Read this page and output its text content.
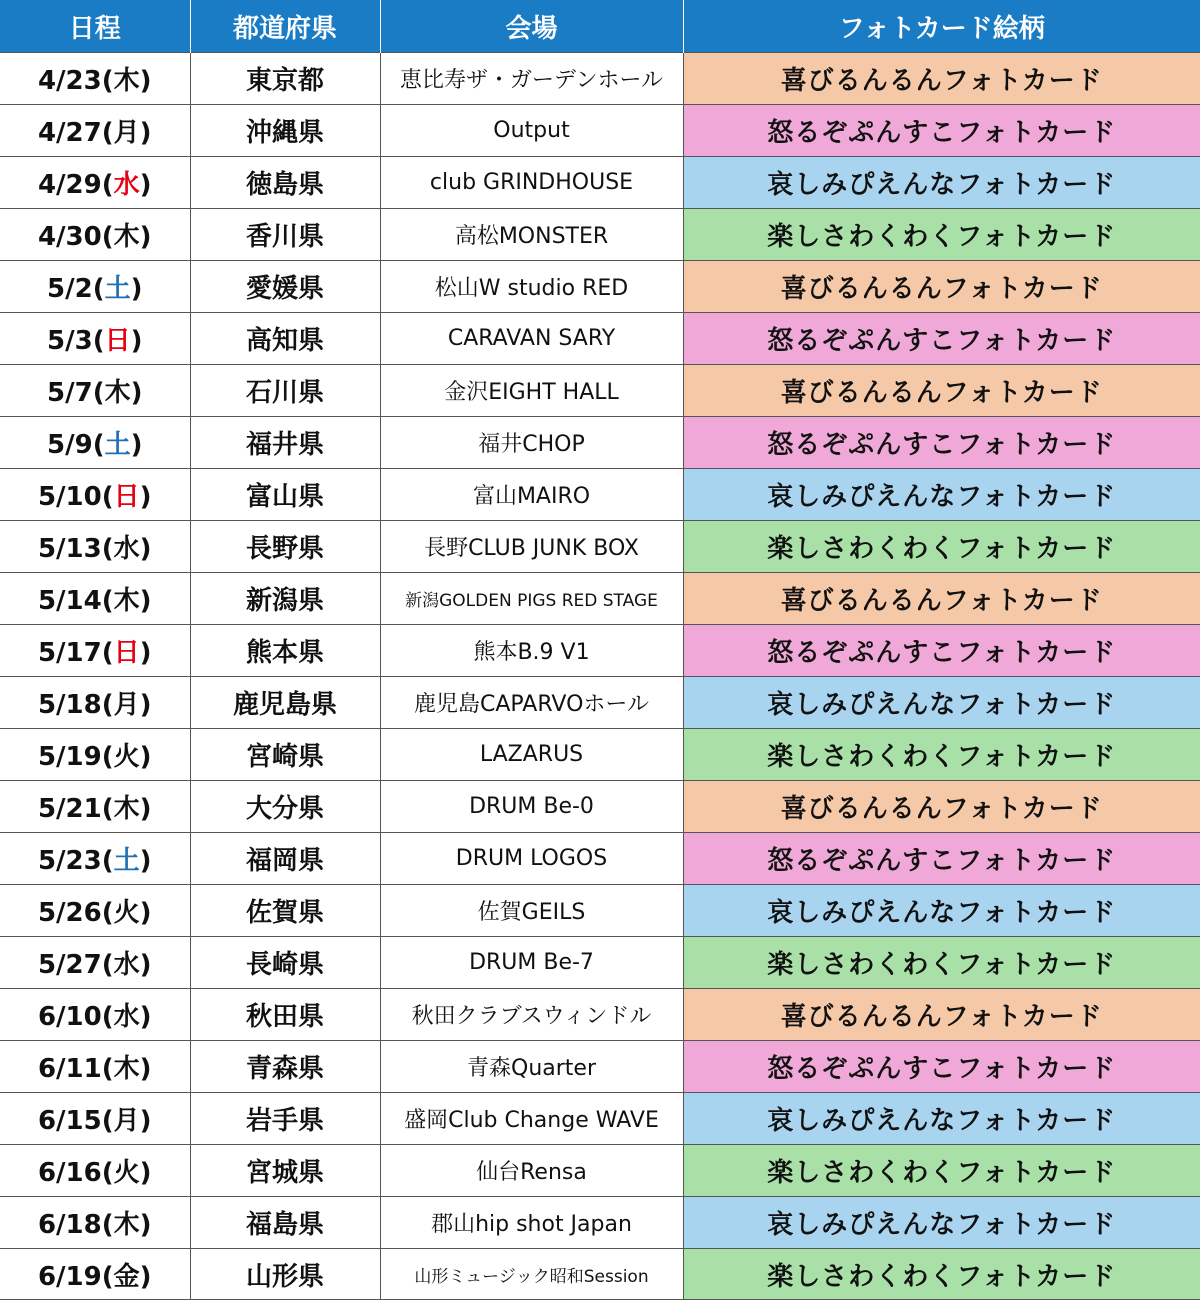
日程	都道府県	会場	フォトカード絵柄
4/23(木)	東京都	恵比寿ザ・ガーデンホール	喜びるんるんフォトカード
4/27(月)	沖縄県	Output	怒るぞぷんすこフォトカード
4/29(水)	徳島県	club GRINDHOUSE	哀しみぴえんなフォトカード
4/30(木)	香川県	高松MONSTER	楽しさわくわくフォトカード
5/2(土)	愛媛県	松山W studio RED	喜びるんるんフォトカード
5/3(日)	高知県	CARAVAN SARY	怒るぞぷんすこフォトカード
5/7(木)	石川県	金沢EIGHT HALL	喜びるんるんフォトカード
5/9(土)	福井県	福井CHOP	怒るぞぷんすこフォトカード
5/10(日)	富山県	富山MAIRO	哀しみぴえんなフォトカード
5/13(水)	長野県	長野CLUB JUNK BOX	楽しさわくわくフォトカード
5/14(木)	新潟県	新潟GOLDEN PIGS RED STAGE	喜びるんるんフォトカード
5/17(日)	熊本県	熊本B.9 V1	怒るぞぷんすこフォトカード
5/18(月)	鹿児島県	鹿児島CAPARVOホール	哀しみぴえんなフォトカード
5/19(火)	宮崎県	LAZARUS	楽しさわくわくフォトカード
5/21(木)	大分県	DRUM Be-0	喜びるんるんフォトカード
5/23(土)	福岡県	DRUM LOGOS	怒るぞぷんすこフォトカード
5/26(火)	佐賀県	佐賀GEILS	哀しみぴえんなフォトカード
5/27(水)	長崎県	DRUM Be-7	楽しさわくわくフォトカード
6/10(水)	秋田県	秋田クラブスウィンドル	喜びるんるんフォトカード
6/11(木)	青森県	青森Quarter	怒るぞぷんすこフォトカード
6/15(月)	岩手県	盛岡Club Change WAVE	哀しみぴえんなフォトカード
6/16(火)	宮城県	仙台Rensa	楽しさわくわくフォトカード
6/18(木)	福島県	郡山hip shot Japan	哀しみぴえんなフォトカード
6/19(金)	山形県	山形ミュージック昭和Session	楽しさわくわくフォトカード
